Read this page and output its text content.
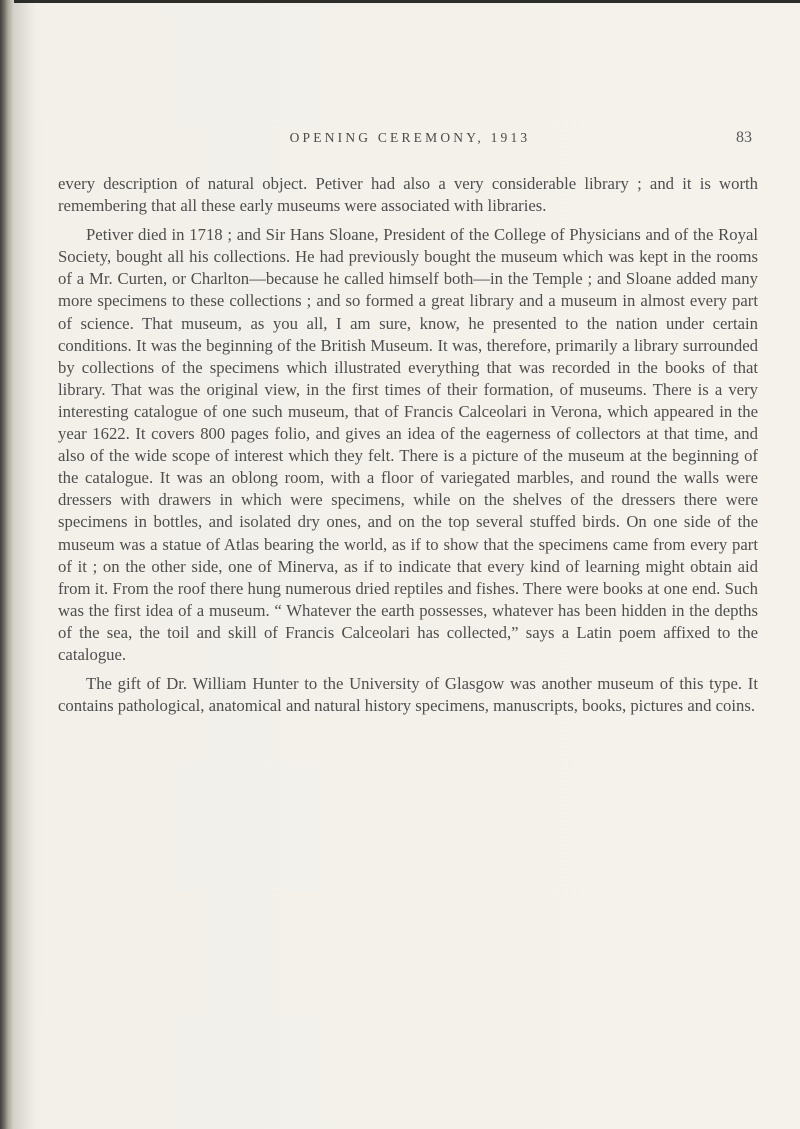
OPENING CEREMONY, 1913	83

every description of natural object. Petiver had also a very considerable library ; and it is worth remembering that all these early museums were associated with libraries.

Petiver died in 1718 ; and Sir Hans Sloane, President of the College of Physicians and of the Royal Society, bought all his collections. He had previously bought the museum which was kept in the rooms of a Mr. Curten, or Charlton—because he called himself both—in the Temple ; and Sloane added many more specimens to these collections ; and so formed a great library and a museum in almost every part of science. That museum, as you all, I am sure, know, he presented to the nation under certain conditions. It was the beginning of the British Museum. It was, therefore, primarily a library surrounded by collections of the specimens which illustrated everything that was recorded in the books of that library. That was the original view, in the first times of their formation, of museums. There is a very interesting catalogue of one such museum, that of Francis Calceolari in Verona, which appeared in the year 1622. It covers 800 pages folio, and gives an idea of the eagerness of collectors at that time, and also of the wide scope of interest which they felt. There is a picture of the museum at the beginning of the catalogue. It was an oblong room, with a floor of variegated marbles, and round the walls were dressers with drawers in which were specimens, while on the shelves of the dressers there were specimens in bottles, and isolated dry ones, and on the top several stuffed birds. On one side of the museum was a statue of Atlas bearing the world, as if to show that the specimens came from every part of it ; on the other side, one of Minerva, as if to indicate that every kind of learning might obtain aid from it. From the roof there hung numerous dried reptiles and fishes. There were books at one end. Such was the first idea of a museum. “ Whatever the earth possesses, whatever has been hidden in the depths of the sea, the toil and skill of Francis Calceolari has collected,” says a Latin poem affixed to the catalogue.

The gift of Dr. William Hunter to the University of Glasgow was another museum of this type. It contains pathological, anatomical and natural history specimens, manuscripts, books, pictures and coins.
